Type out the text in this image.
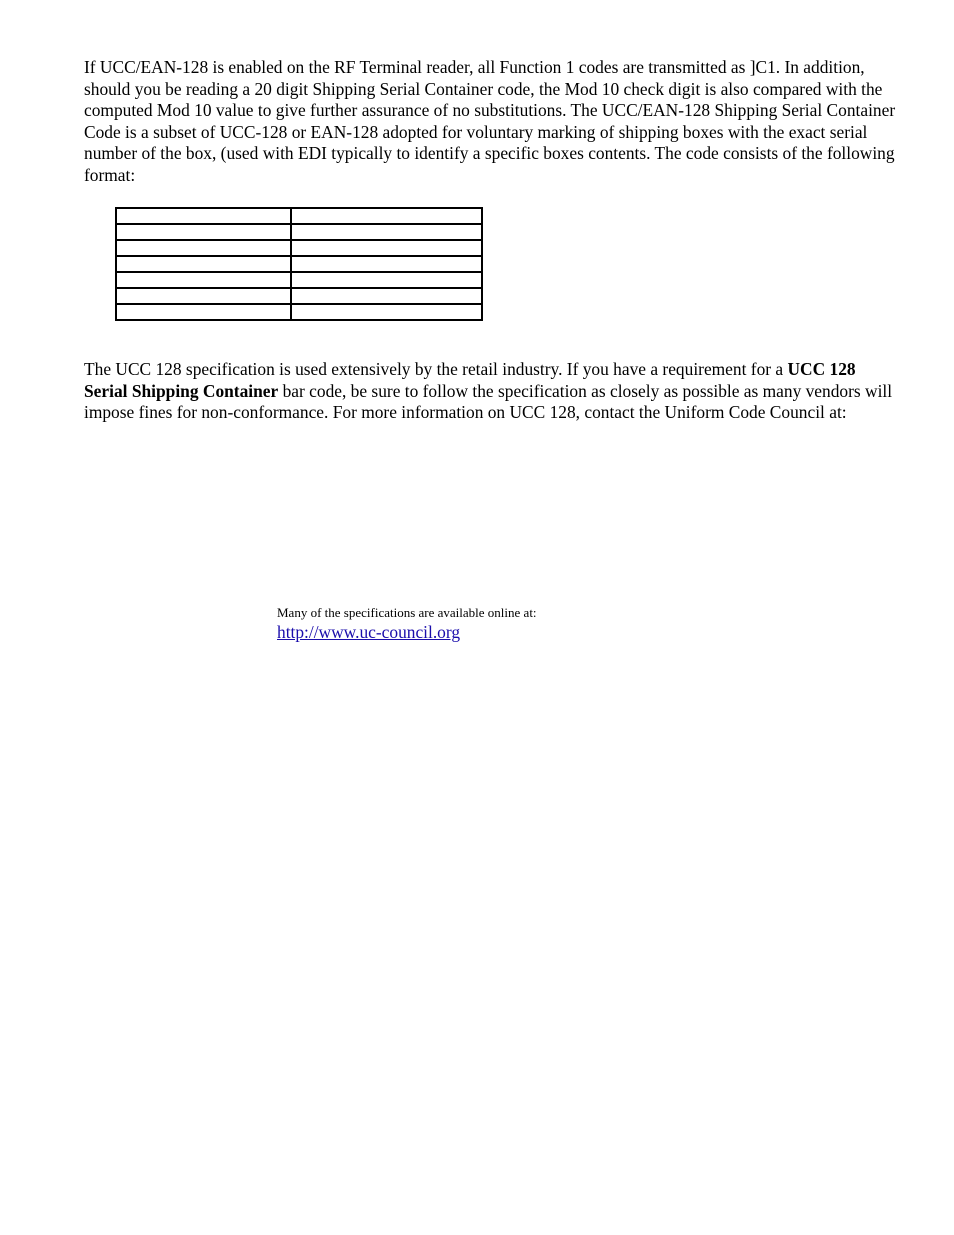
If UCC/EAN-128 is enabled on the RF Terminal reader, all Function 1 codes are transmitted as ]C1. In addition, should you be reading a 20 digit Shipping Serial Container code, the Mod 10 check digit is also compared with the computed Mod 10 value to give further assurance of no substitutions. The UCC/EAN-128 Shipping Serial Container Code is a subset of UCC-128 or EAN-128 adopted for voluntary marking of shipping boxes with the exact serial number of the box, (used with EDI typically to identify a specific boxes contents. The code consists of the following format:

The UCC 128 specification is used extensively by the retail industry. If you have a requirement for a UCC 128 Serial Shipping Container bar code, be sure to follow the specification as closely as possible as many vendors will impose fines for non-conformance. For more information on UCC 128, contact the Uniform Code Council at:

Many of the specifications are available online at:

http://www.uc-council.org
